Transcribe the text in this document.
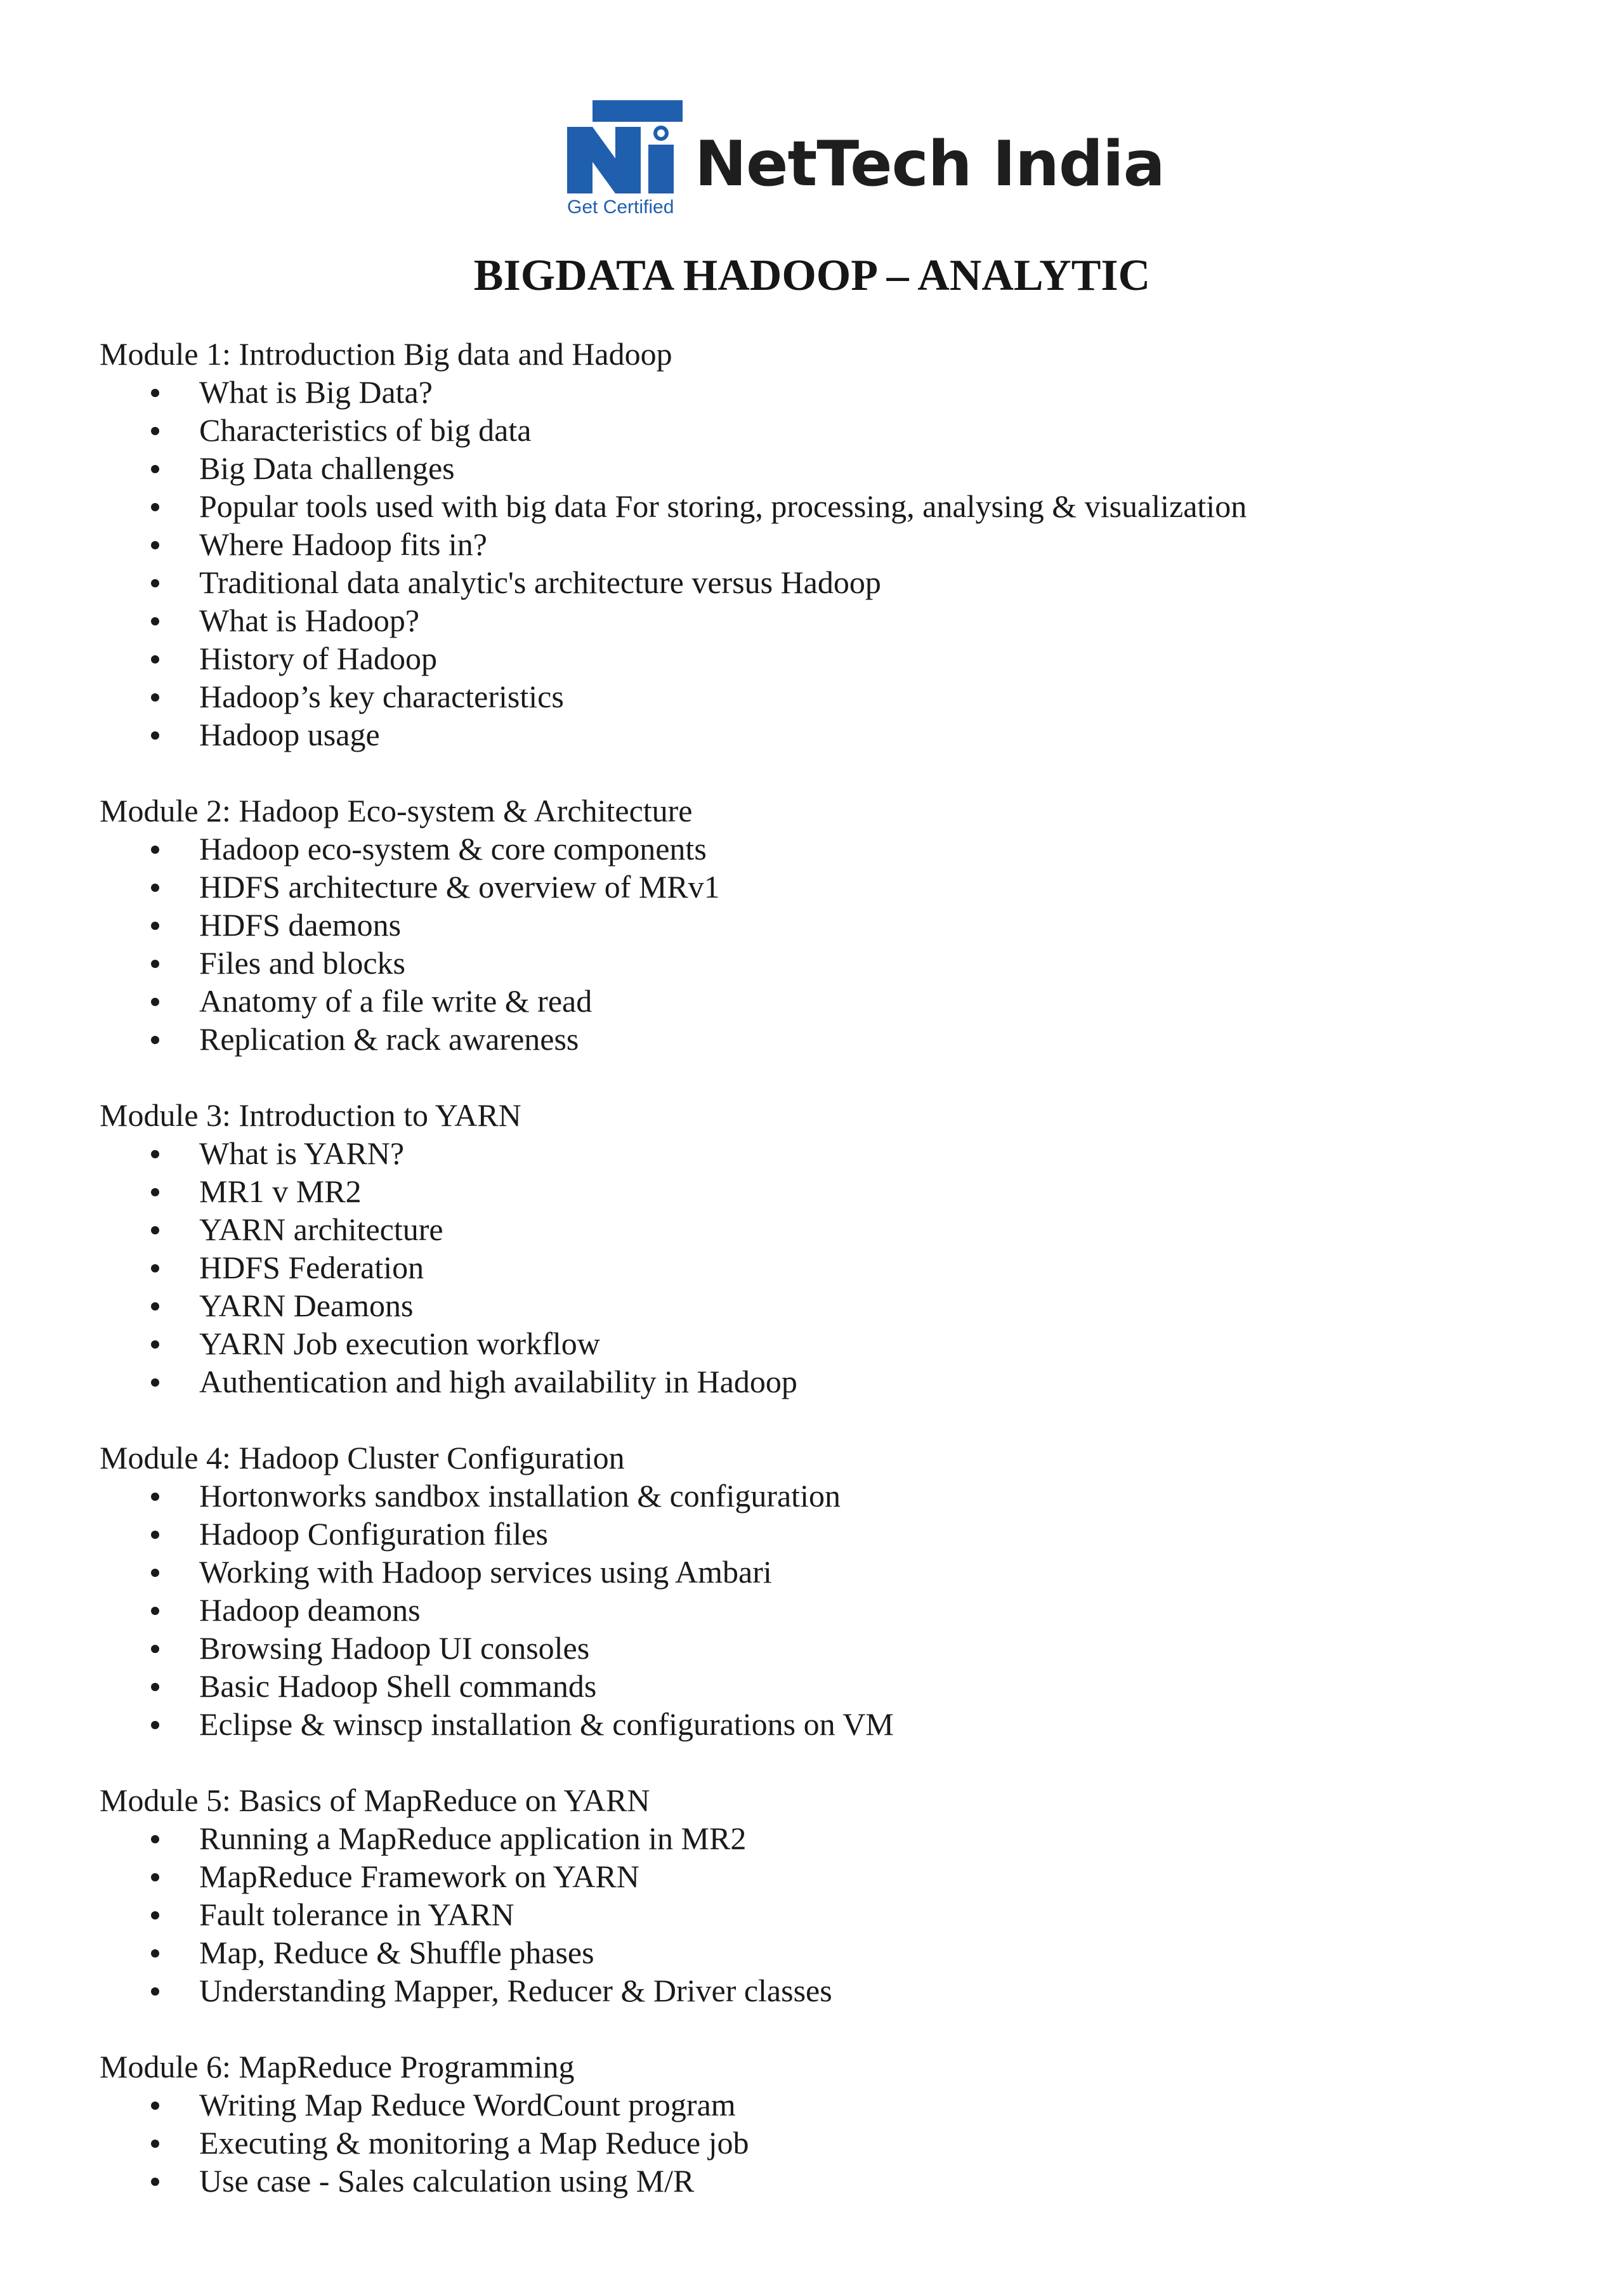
Get Certified
NetTech India
BIGDATA HADOOP – ANALYTIC
Module 1: Introduction Big data and Hadoop
What is Big Data?
Characteristics of big data
Big Data challenges
Popular tools used with big data For storing, processing, analysing & visualization
Where Hadoop fits in?
Traditional data analytic's architecture versus Hadoop
What is Hadoop?
History of Hadoop
Hadoop’s key characteristics
Hadoop usage
Module 2: Hadoop Eco-system & Architecture
Hadoop eco-system & core components
HDFS architecture & overview of MRv1
HDFS daemons
Files and blocks
Anatomy of a file write & read
Replication & rack awareness
Module 3: Introduction to YARN
What is YARN?
MR1 v MR2
YARN architecture
HDFS Federation
YARN Deamons
YARN Job execution workflow
Authentication and high availability in Hadoop
Module 4: Hadoop Cluster Configuration
Hortonworks sandbox installation & configuration
Hadoop Configuration files
Working with Hadoop services using Ambari
Hadoop deamons
Browsing Hadoop UI consoles
Basic Hadoop Shell commands
Eclipse & winscp installation & configurations on VM
Module 5: Basics of MapReduce on YARN
Running a MapReduce application in MR2
MapReduce Framework on YARN
Fault tolerance in YARN
Map, Reduce & Shuffle phases
Understanding Mapper, Reducer & Driver classes
Module 6: MapReduce Programming
Writing Map Reduce WordCount program
Executing & monitoring a Map Reduce job
Use case - Sales calculation using M/R
